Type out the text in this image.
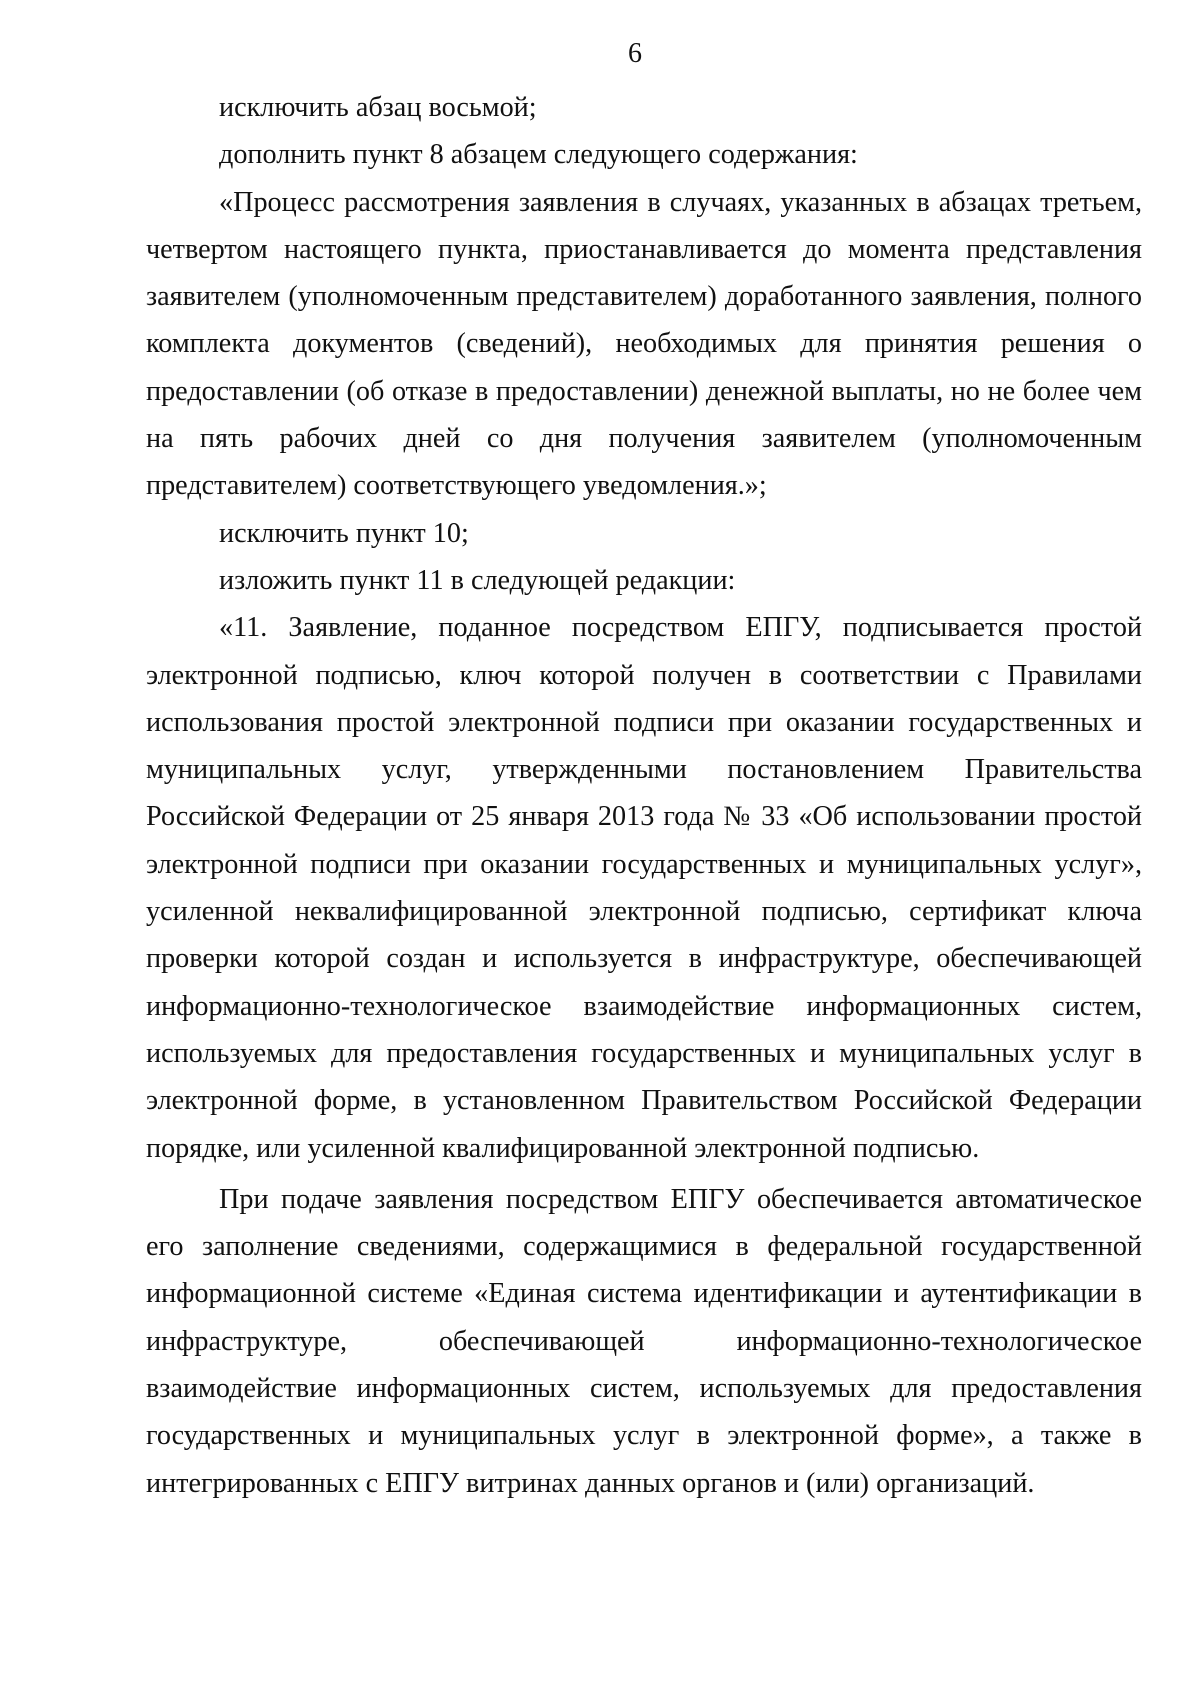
6

исключить абзац восьмой;

дополнить пункт 8 абзацем следующего содержания:

«Процесс рассмотрения заявления в случаях, указанных в абзацах третьем, четвертом настоящего пункта, приостанавливается до момента представления заявителем (уполномоченным представителем) доработанного заявления, полного комплекта документов (сведений), необходимых для принятия решения о предоставлении (об отказе в предоставлении) денежной выплаты, но не более чем на пять рабочих дней со дня получения заявителем (уполномоченным представителем) соответствующего уведомления.»;

исключить пункт 10;

изложить пункт 11 в следующей редакции:

«11. Заявление, поданное посредством ЕПГУ, подписывается простой электронной подписью, ключ которой получен в соответствии с Правилами использования простой электронной подписи при оказании государственных и муниципальных услуг, утвержденными постановлением Правительства Российской Федерации от 25 января 2013 года № 33 «Об использовании простой электронной подписи при оказании государственных и муниципальных услуг», усиленной неквалифицированной электронной подписью, сертификат ключа проверки которой создан и используется в инфраструктуре, обеспечивающей информационно-технологическое взаимодействие информационных систем, используемых для предоставления государственных и муниципальных услуг в электронной форме, в установленном Правительством Российской Федерации порядке, или усиленной квалифицированной электронной подписью.

При подаче заявления посредством ЕПГУ обеспечивается автоматическое его заполнение сведениями, содержащимися в федеральной государственной информационной системе «Единая система идентификации и аутентификации в инфраструктуре, обеспечивающей информационно-технологическое взаимодействие информационных систем, используемых для предоставления государственных и муниципальных услуг в электронной форме», а также в интегрированных с ЕПГУ витринах данных органов и (или) организаций.
